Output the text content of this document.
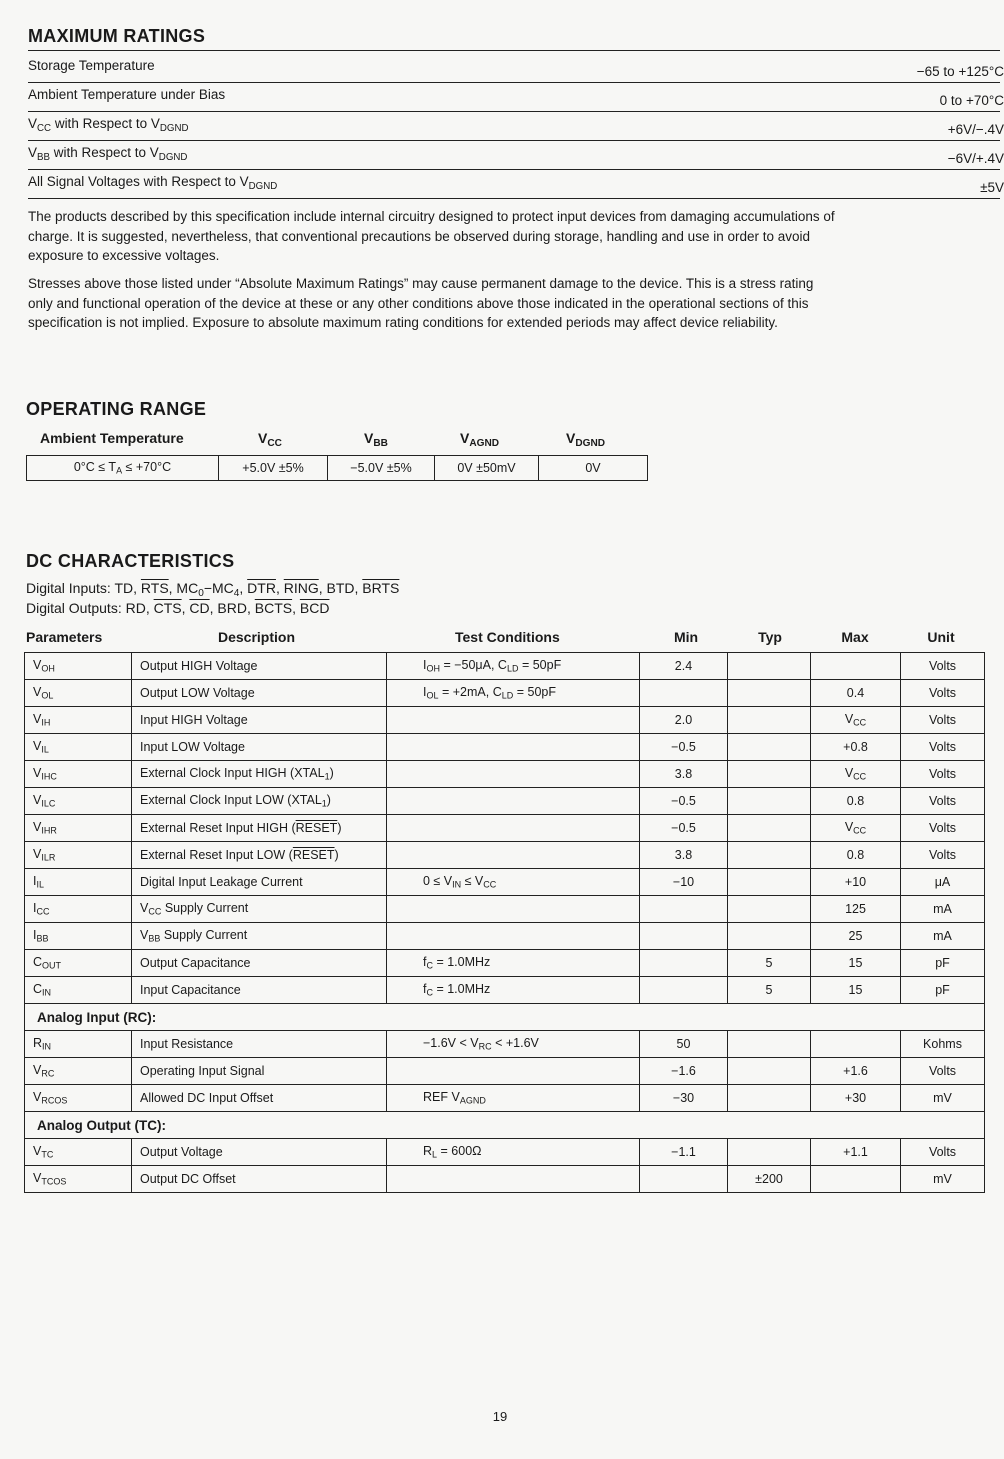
MAXIMUM RATINGS
Storage Temperature	−65 to +125°C
Ambient Temperature under Bias	0 to +70°C
$V_{CC}$ with Respect to $V_{DGND}$	+6V/−.4V
$V_{BB}$ with Respect to $V_{DGND}$	−6V/+.4V
All Signal Voltages with Respect to $V_{DGND}$	±5V
The products described by this specification include internal circuitry designed to protect input devices from damaging accumulations of
charge. It is suggested, nevertheless, that conventional precautions be observed during storage, handling and use in order to avoid
exposure to excessive voltages.
Stresses above those listed under “Absolute Maximum Ratings” may cause permanent damage to the device. This is a stress rating
only and functional operation of the device at these or any other conditions above those indicated in the operational sections of this
specification is not implied. Exposure to absolute maximum rating conditions for extended periods may affect device reliability.
OPERATING RANGE
Ambient Temperature	$V_{CC}$	$V_{BB}$	$V_{AGND}$	$V_{DGND}$
$0^\circ C \le T_A \le +70^\circ C$	+5.0V ±5%	−5.0V ±5%	0V ±50mV	0V
DC CHARACTERISTICS
Digital Inputs: TD, $\overline{RTS}$, $MC_0-MC_4$, $\overline{DTR}$, RING, BTD, BRTS
Digital Outputs: RD, $\overline{CTS}$, $\overline{CD}$, BRD, BCTS, $\overline{BCD}$
Parameters	Description	Test Conditions	Min	Typ	Max	Unit
$V_{OH}$	Output HIGH Voltage	$I_{OH} = -50\mu A$, $C_{LD} = 50pF$	2.4			Volts
$V_{OL}$	Output LOW Voltage	$I_{OL} = +2mA$, $C_{LD} = 50pF$			0.4	Volts
$V_{IH}$	Input HIGH Voltage		2.0		$V_{CC}$	Volts
$V_{IL}$	Input LOW Voltage		−0.5		+0.8	Volts
$V_{IHC}$	External Clock Input HIGH $(XTAL_1)$		3.8		$V_{CC}$	Volts
$V_{ILC}$	External Clock Input LOW $(XTAL_1)$		−0.5		0.8	Volts
$V_{IHR}$	External Reset Input HIGH (RESET)		−0.5		$V_{CC}$	Volts
$V_{ILR}$	External Reset Input LOW (RESET)		3.8		0.8	Volts
$I_{IL}$	Digital Input Leakage Current	$0 \le V_{IN} \le V_{CC}$	−10		+10	μA
$I_{CC}$	$V_{CC}$ Supply Current				125	mA
$I_{BB}$	$V_{BB}$ Supply Current				25	mA
$C_{OUT}$	Output Capacitance	$f_C = 1.0MHz$		5	15	pF
$C_{IN}$	Input Capacitance	$f_C = 1.0MHz$		5	15	pF
Analog Input (RC):						
$R_{IN}$	Input Resistance	$-1.6V < V_{RC} < +1.6V$	50			Kohms
$V_{RC}$	Operating Input Signal		−1.6		+1.6	Volts
$V_{RCOS}$	Allowed DC Input Offset	REF $V_{AGND}$	−30		+30	mV
Analog Output (TC):						
$V_{TC}$	Output Voltage	$R_L = 600\Omega$	−1.1		+1.1	Volts
$V_{TCOS}$	Output DC Offset			±200		mV
19
